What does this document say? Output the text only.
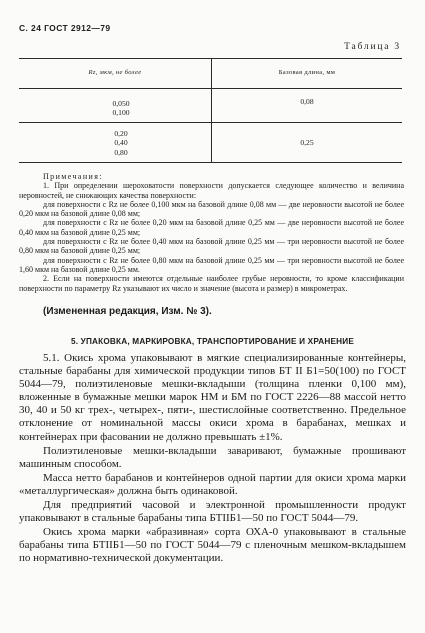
С. 24 ГОСТ 2912—79
Таблица 3
Rz, мкм, не более	Базовая длина, мм
0,050
0,100
0,08
0,20
0,40
0,80
0,25
Примечания:

1. При определении шероховатости поверхности допускается следующее количество и величина неровностей, не снижающих качества поверхности:

для поверхности с Rz не более 0,100 мкм на базовой длине 0,08 мм — две неровности высотой не более 0,20 мкм на базовой длине 0,08 мм;

для поверхности с Rz не более 0,20 мкм на базовой длине 0,25 мм — две неровности высотой не более 0,40 мкм на базовой длине 0,25 мм;

для поверхности с Rz не более 0,40 мкм на базовой длине 0,25 мм — три неровности высотой не более 0,80 мкм на базовой длине 0,25 мм;

для поверхности с Rz не более 0,80 мкм на базовой длине 0,25 мм — три неровности высотой не более 1,60 мкм на базовой длине 0,25 мм.

2. Если на поверхности имеются отдельные наиболее грубые неровности, то кроме классификации поверхности по параметру Rz указывают их число и значение (высота и размер) в микрометрах.

(Измененная редакция, Изм. № 3).
5. УПАКОВКА, МАРКИРОВКА, ТРАНСПОРТИРОВАНИЕ И ХРАНЕНИЕ

5.1. Окись хрома упаковывают в мягкие специализированные контейнеры, стальные барабаны для химической продукции типов БТ II Б1=50(100) по ГОСТ 5044—79, полиэтиленовые мешки-вкладыши (толщина пленки 0,100 мм), вложенные в бумажные мешки марок НМ и БМ по ГОСТ 2226—88 массой нетто 30, 40 и 50 кг трех-, четырех-, пяти-, шестислойные соответственно. Предельное отклонение от номинальной массы окиси хрома в барабанах, мешках и контейнерах при фасовании не должно превышать ±1%.

Полиэтиленовые мешки-вкладыши заваривают, бумажные прошивают машинным способом.

Масса нетто барабанов и контейнеров одной партии для окиси хрома марки «металлургическая» должна быть одинаковой.

Для предприятий часовой и электронной промышленности продукт упаковывают в стальные барабаны типа БТIIБ1—50 по ГОСТ 5044—79.

Окись хрома марки «абразивная» сорта ОХА-0 упаковывают в стальные барабаны типа БТIIБ1—50 по ГОСТ 5044—79 с пленочным мешком-вкладышем по нормативно-технической документации.
